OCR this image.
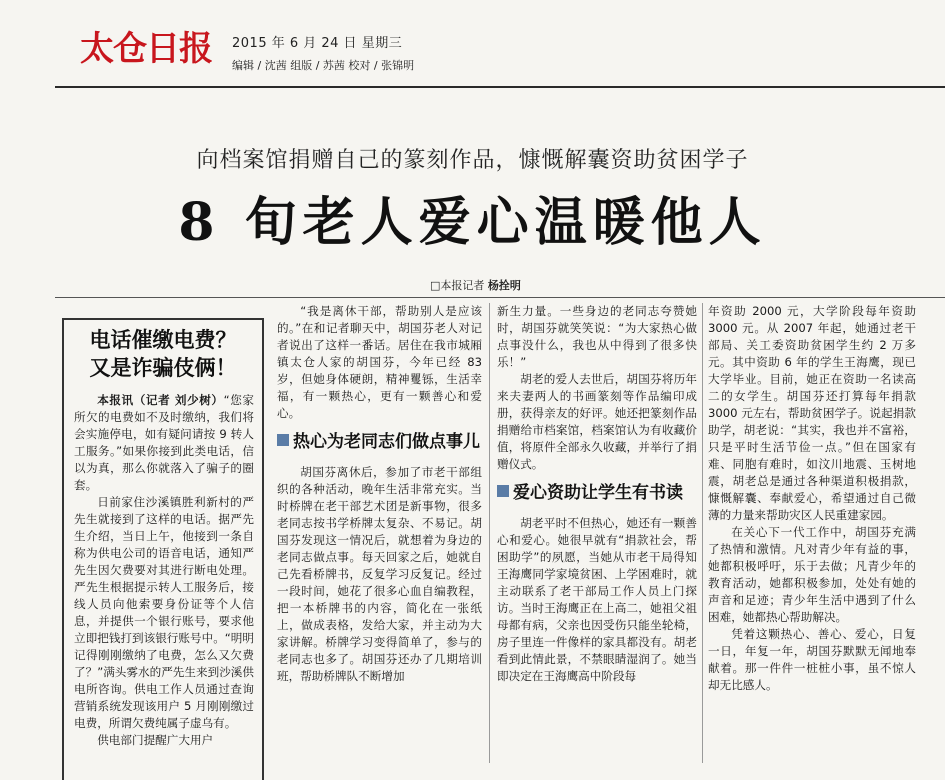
太仓日报 2015 年 6 月 24 日 星期三
编辑 / 沈茜 组版 / 苏茜 校对 / 张锦明
向档案馆捐赠自己的篆刻作品，慷慨解囊资助贫困学子
8 旬老人爱心温暖他人
□本报记者 杨拴明
电话催缴电费？
又是诈骗伎俩！

本报讯（记者 刘少树）“您家所欠的电费如不及时缴纳，我们将会实施停电，如有疑问请按 9 转人工服务。”如果你接到此类电话，信以为真，那么你就落入了骗子的圈套。

日前家住沙溪镇胜利新村的严先生就接到了这样的电话。据严先生介绍，当日上午，他接到一条自称为供电公司的语音电话，通知严先生因欠费要对其进行断电处理。严先生根据提示转人工服务后，接线人员向他索要身份证等个人信息，并提供一个银行账号，要求他立即把钱打到该银行账号中。“明明记得刚刚缴纳了电费，怎么又欠费了？”满头雾水的严先生来到沙溪供电所咨询。供电工作人员通过查询营销系统发现该用户 5 月刚刚缴过电费，所谓欠费纯属子虚乌有。

供电部门提醒广大用户

“我是离休干部，帮助别人是应该的。”在和记者聊天中，胡国芬老人对记者说出了这样一番话。居住在我市城厢镇太仓人家的胡国芬，今年已经 83 岁，但她身体硬朗，精神矍铄，生活幸福，有一颗热心，更有一颗善心和爱心。

热心为老同志们做点事儿

胡国芬离休后，参加了市老干部组织的各种活动，晚年生活非常充实。当时桥牌在老干部艺术团是新事物，很多老同志按书学桥牌太复杂、不易记。胡国芬发现这一情况后，就想着为身边的老同志做点事。每天回家之后，她就自己先看桥牌书，反复学习反复记。经过一段时间，她花了很多心血自编教程，把一本桥牌书的内容，简化在一张纸上，做成表格，发给大家，并主动为大家讲解。桥牌学习变得简单了，参与的老同志也多了。胡国芬还办了几期培训班，帮助桥牌队不断增加

新生力量。一些身边的老同志夸赞她时，胡国芬就笑笑说：“为大家热心做点事没什么，我也从中得到了很多快乐！”

胡老的爱人去世后，胡国芬将历年来夫妻两人的书画篆刻等作品编印成册，获得亲友的好评。她还把篆刻作品捐赠给市档案馆，档案馆认为有收藏价值，将原件全部永久收藏，并举行了捐赠仪式。

爱心资助让学生有书读

胡老平时不但热心，她还有一颗善心和爱心。她很早就有“捐款社会，帮困助学”的夙愿，当她从市老干局得知王海鹰同学家境贫困、上学困难时，就主动联系了老干部局工作人员上门探访。当时王海鹰正在上高二，她祖父祖母都有病，父亲也因受伤只能坐轮椅，房子里连一件像样的家具都没有。胡老看到此情此景，不禁眼睛湿润了。她当即决定在王海鹰高中阶段每

年资助 2000 元，大学阶段每年资助 3000 元。从 2007 年起，她通过老干部局、关工委资助贫困学生约 2 万多元。其中资助 6 年的学生王海鹰，现已大学毕业。目前，她正在资助一名读高二的女学生。胡国芬还打算每年捐款 3000 元左右，帮助贫困学子。说起捐款助学，胡老说：“其实，我也并不富裕，只是平时生活节俭一点。”但在国家有难、同胞有难时，如汶川地震、玉树地震，胡老总是通过各种渠道积极捐款，慷慨解囊、奉献爱心，希望通过自己微薄的力量来帮助灾区人民重建家园。

在关心下一代工作中，胡国芬充满了热情和激情。凡对青少年有益的事，她都积极呼吁，乐于去做；凡青少年的教育活动，她都积极参加，处处有她的声音和足迹；青少年生活中遇到了什么困难，她都热心帮助解决。

凭着这颗热心、善心、爱心，日复一日，年复一年，胡国芬默默无闻地奉献着。那一件件一桩桩小事，虽不惊人却无比感人。
